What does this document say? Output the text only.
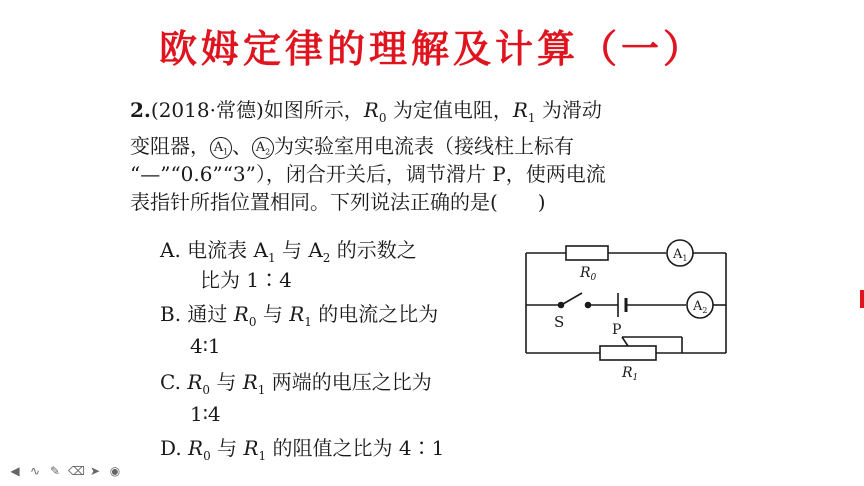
欧姆定律的理解及计算（一）
2.(2018·常德)如图所示，$R_0$ 为定值电阻，$R_1$ 为滑动
变阻器， $A_1$ 、 $A_2$ 为实验室用电流表（接线柱上标有
“—”“0.6”“3”），闭合开关后，调节滑片 P，使两电流
表指针所指位置相同。下列说法正确的是(　　)
A. 电流表 $A_1$ 与 $A_2$ 的示数之
比为 1∶4
B. 通过 $R_0$ 与 $R_1$ 的电流之比为
4∶1
C. $R_0$ 与 $R_1$ 两端的电压之比为
1∶4
D. $R_0$ 与 $R_1$ 的阻值之比为 4∶1
$R_0$
$A_1$
$A_2$
S	P
$R_1$
◀ ∿ ✎ ⌫ ➤ ◉
